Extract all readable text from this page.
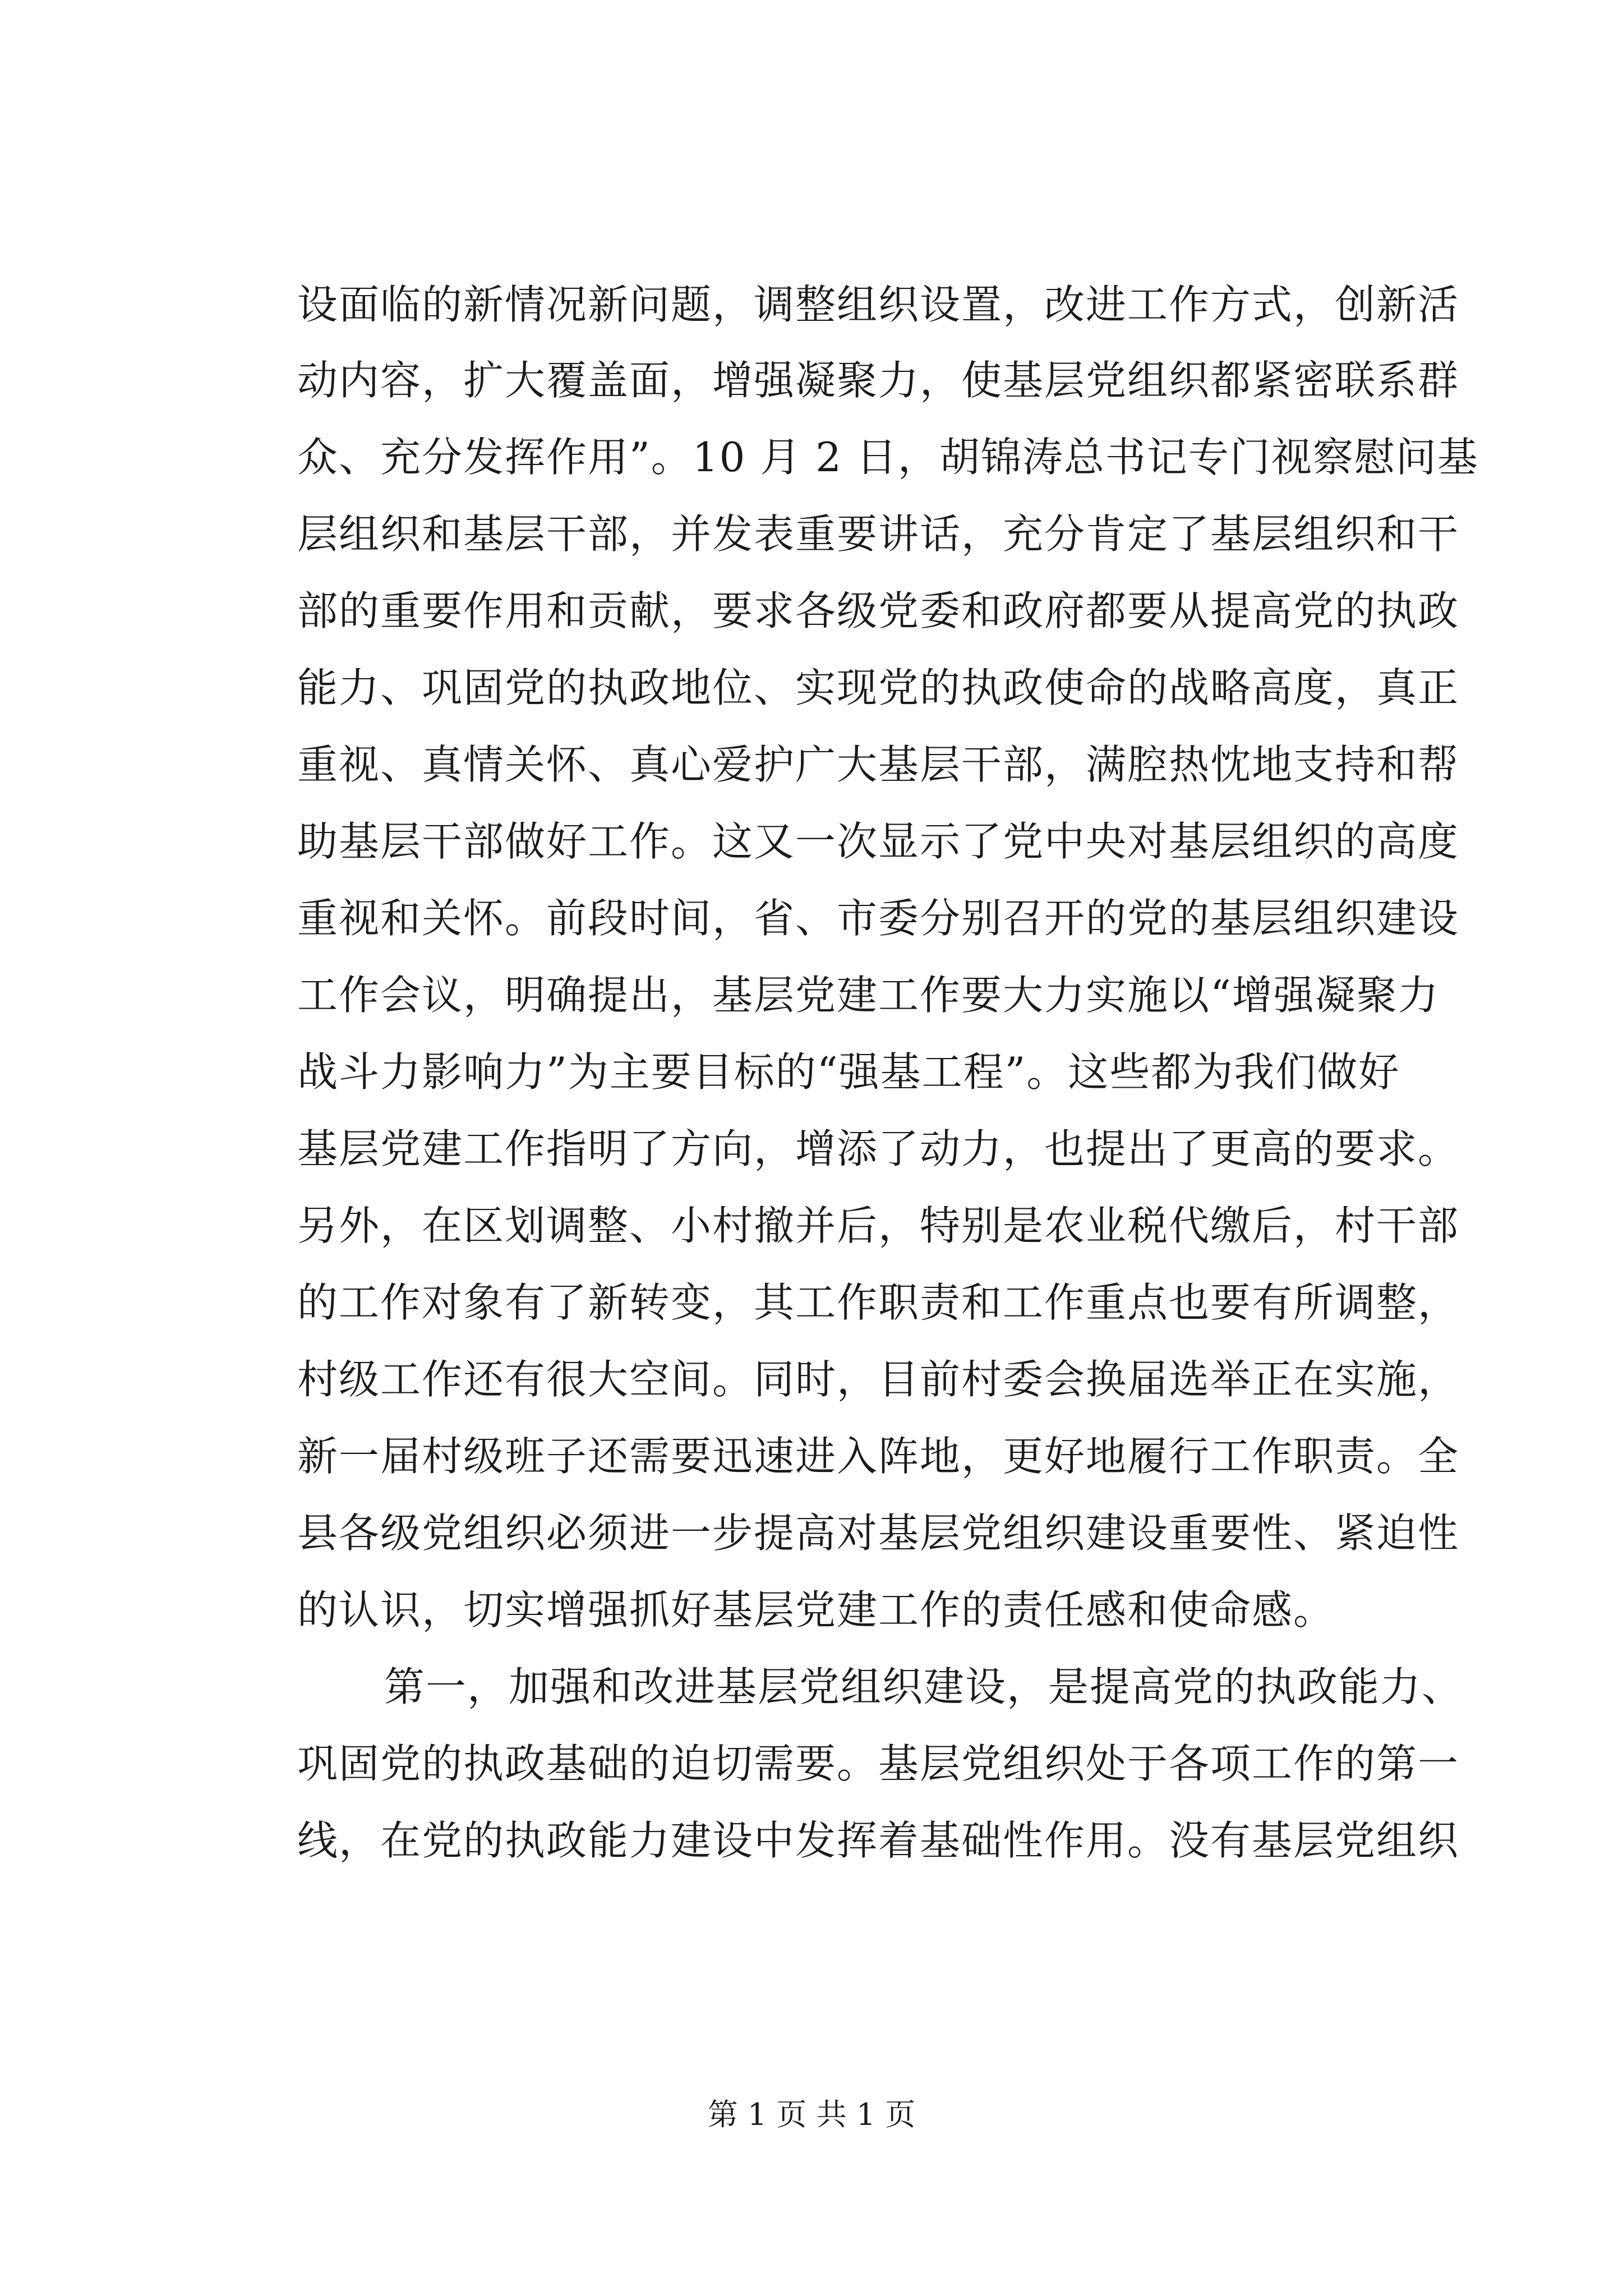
设面临的新情况新问题，调整组织设置，改进工作方式，创新活
动内容，扩大覆盖面，增强凝聚力，使基层党组织都紧密联系群
众、充分发挥作用”。10 月 2 日，胡锦涛总书记专门视察慰问基
层组织和基层干部，并发表重要讲话，充分肯定了基层组织和干
部的重要作用和贡献，要求各级党委和政府都要从提高党的执政
能力、巩固党的执政地位、实现党的执政使命的战略高度，真正
重视、真情关怀、真心爱护广大基层干部，满腔热忱地支持和帮
助基层干部做好工作。这又一次显示了党中央对基层组织的高度
重视和关怀。前段时间，省、市委分别召开的党的基层组织建设
工作会议，明确提出，基层党建工作要大力实施以“增强凝聚力
战斗力影响力”为主要目标的“强基工程”。这些都为我们做好
基层党建工作指明了方向，增添了动力，也提出了更高的要求。
另外，在区划调整、小村撤并后，特别是农业税代缴后，村干部
的工作对象有了新转变，其工作职责和工作重点也要有所调整，
村级工作还有很大空间。同时，目前村委会换届选举正在实施，
新一届村级班子还需要迅速进入阵地，更好地履行工作职责。全
县各级党组织必须进一步提高对基层党组织建设重要性、紧迫性
的认识，切实增强抓好基层党建工作的责任感和使命感。
第一，加强和改进基层党组织建设，是提高党的执政能力、
巩固党的执政基础的迫切需要。基层党组织处于各项工作的第一
线，在党的执政能力建设中发挥着基础性作用。没有基层党组织
第 1 页 共 1 页
